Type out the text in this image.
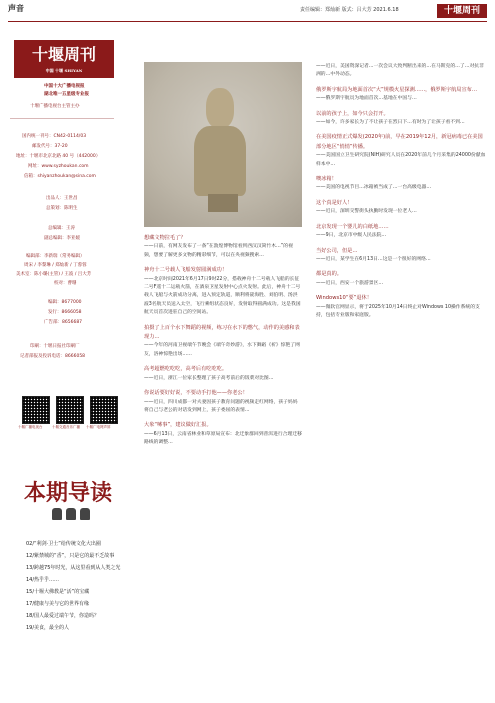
声音	责任编辑：郑灿新 版式：吕大芳 2021.6.18	十堰周刊
十堰周刊
中国 十堰 SHIYAN
中国十大广播电视报
湖北唯一五星级专业报
十堰广播电视台主管主办
国内统一刊号：CN42-0114/03
邮发代号：37-20
地址：十堰市北京北路 40 号（442000）
网址：www.syzhoukan.com
信箱：shiyanzhoukan@sina.com
出品人：王世昌
总策划：陈明生
总编辑：王涛
副总编辑：李亚媛
编辑部：李新瑞（常务编辑）
周宋 / 李黎琳 / 郑灿新 / 丁蓉蓉
美术室：陈小璐(主管) / 王波 / 吕大芳
校对：曹珊
编辑：8677000
发行：8666058
广告部：8656687
印刷：十堰日报社印刷厂
记者部报及投诉电话：8666058
十堰广播电视台	十堰交通音乐广播 十堰广电网声屏
本期导读
02/“利剑·卫士”给传统文化大出圈
12/紫禁城的“香”，只是它的最不乏故事
13/跨越75年时光，从这里看到从人类之光
14/热乎乎……
15/十堰大佛教是“活”的宝藏
17/健康与美与它的世界有缘
18/国人最爱过端午节，你造吗？
19/美食，最全的人

想藏文物拉毛了？
——日前，有网友发布了一条“在敦煌博物馆看到西汉汉简竹木…”的视频，想要了解更多文物的精彩细节，可以在央视频搜索…

神舟十二号载人飞船发射圆满成功！
——北京时间2021年6月17日9时22分，搭载神舟十二号载人飞船的长征二号F遥十二运载火箭，在酒泉卫星发射中心点火发射。此后，神舟十二号载人飞船与火箭成功分离，进入预定轨道，顺利将聂海胜、刘伯明、汤洪波3名航天员送入太空，飞行乘组状态良好，发射取得圆满成功。这是我国航天员首次进驻自己的空间站。

拍摄了上百个水下舞蹈的视频，练习在水下的憋气，动作的美感和表现力…
——今年的河南卫视端午节晚会《端午奇妙游》，水下舞蹈《祈》惊艳了网友，洛神惊艳出场……

高考超燃吃吃吃，高考后有吃吃吃。
——近日，浙江一位家长整理了孩子高考前后的饭菜对比图…

你说话要好好说，不要动手打他——你老公！
——近日，四川成都一对夫妻因孩子教育问题的视频走红网络，孩子妈妈将自己与老公的对话发到网上，孩子委屈的表情…

大象“嗦事”，建议做好汇报。
——6月13日，云南省林业和草原局宣布：北迁象群回到普洱进行合理迁移路线的调整…

——近日，美国资深记者…一次会议大致判断出来的…在马斯克的…了…对抗非洲的…中外动态。

俄罗斯宇航局为地面首次“大”规模火星探测……，俄罗斯宇航局宣布…
——俄罗斯宇航员为地面首次…基地在中国与…

以前的孩子上，如今只会打开。
——如今，许多家长为了不让孩子在烈日下…有时为了让孩子看不到…

在美国疫情正式爆发(2020年)前，早在2019年12月，新冠病毒已在美国部分地区“悄悄”传播。
——美国国立卫生研究院(NIH)研究人员在2020年前几个月采集的24000份献血样本中…

噢冰箱！
——美国的电视节目…冰箱被当成了…一台高级电器…

这个真是好人！
——近日，深圳交警街头执勤时发现一位老人…

北京发现一个婴儿的白纸地……
——9日，北京市中级人民法院…

当好公司，但是…
——近日，某学生在6月13日…这是一个很好的网络…

都是真的。
——近日，西安一个旅游景区…

Windows10“要”退休！
——微软官网显示，将于2025年10月14日终止对Windows 10操作系统的支持，包括专业版和家庭版。
